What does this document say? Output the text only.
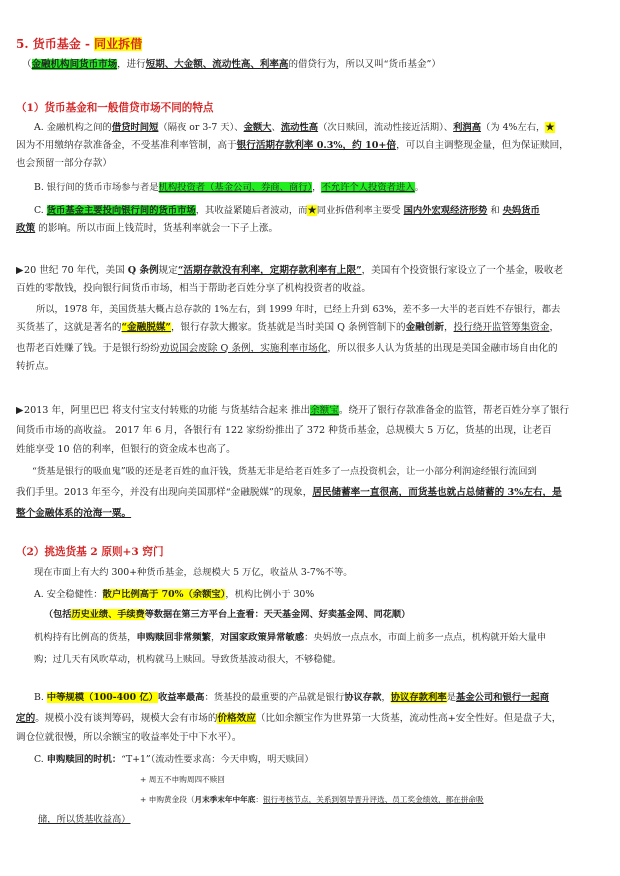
5. 货币基金 - 同业拆借
（金融机构间货币市场，进行短期、大金额、流动性高、利率高的借贷行为，所以又叫“货币基金”）
（1）货币基金和一般借贷市场不同的特点
A. 金融机构之间的借贷时间短（隔夜 or 3-7 天）、金额大、流动性高（次日赎回，流动性接近活期）、利润高（为 4%左右，★
因为不用缴纳存款准备金，不受基准利率管制，高于银行活期存款利率 0.3%，约 10+倍，可以自主调整现金量，但为保证赎回，
也会预留一部分存款）
B. 银行间的货币市场参与者是机构投资者（基金公司、券商、商行），不允许个人投资者进入。
C. 货币基金主要投向银行间的货币市场，其收益紧随后者波动，而★同业拆借利率主要受 国内外宏观经济形势 和 央妈货币
政策 的影响。所以市面上钱荒时，货基利率就会一下子上涨。
▶20 世纪 70 年代，美国 Q 条例规定“活期存款没有利率，定期存款利率有上限”，美国有个投资银行家设立了一个基金，吸收老
百姓的零散钱，投向银行间货币市场，相当于帮助老百姓分享了机构投资者的收益。
所以，1978 年，美国货基大概占总存款的 1%左右，到 1999 年时，已经上升到 63%，差不多一大半的老百姓不存银行，都去
买货基了，这就是著名的“金融脱媒”，银行存款大搬家。货基就是当时美国 Q 条例管制下的金融创新，投行绕开监管筹集资金，
也帮老百姓赚了钱。于是银行纷纷劝说国会废除 Q 条例，实施利率市场化，所以很多人认为货基的出现是美国金融市场自由化的
转折点。
▶2013 年，阿里巴巴 将支付宝支付转账的功能 与货基结合起来 推出余额宝。绕开了银行存款准备金的监管，帮老百姓分享了银行
间货币市场的高收益。 2017 年 6 月，各银行有 122 家纷纷推出了 372 种货币基金，总规模大 5 万亿，货基的出现，让老百
姓能享受 10 倍的利率，但银行的资金成本也高了。
“货基是银行的吸血鬼”吸的还是老百姓的血汗钱，货基无非是给老百姓多了一点投资机会，让一小部分利润途经银行流回到
我们手里。2013 年至今，并没有出现向美国那样“金融脱媒”的现象，居民储蓄率一直很高，而货基也就占总储蓄的 3%左右，是
整个金融体系的沧海一粟。
（2）挑选货基 2 原则+3 窍门
现在市面上有大约 300+种货币基金，总规模大 5 万亿，收益从 3-7%不等。
A. 安全稳健性：散户比例高于 70%（余额宝），机构比例小于 30%
（包括历史业绩、手续费等数据在第三方平台上查看：天天基金网、好卖基金网、同花顺）
机构持有比例高的货基，申购赎回非常频繁，对国家政策异常敏感：央妈放一点点水，市面上前多一点点，机构就开始大量申
购；过几天有风吹草动，机构就马上赎回。导致货基波动很大，不够稳健。
B. 中等规模（100-400 亿）收益率最高：货基投的最重要的产品就是银行协议存款，协议存款利率是基金公司和银行一起商
定的。规模小没有谈判筹码，规模大会有市场的价格效应（比如余额宝作为世界第一大货基，流动性高+安全性好。但是盘子大，
调仓位就很慢，所以余额宝的收益率处于中下水平）。
C. 申购赎回的时机：“T+1”（流动性要求高：今天申购，明天赎回）
+ 周五不申购周四不赎回
+ 申购黄金段（月末季末年中年底：银行考核节点，关系到领导晋升评选、员工奖金绩效，都在拼命吸
储，所以货基收益高）
